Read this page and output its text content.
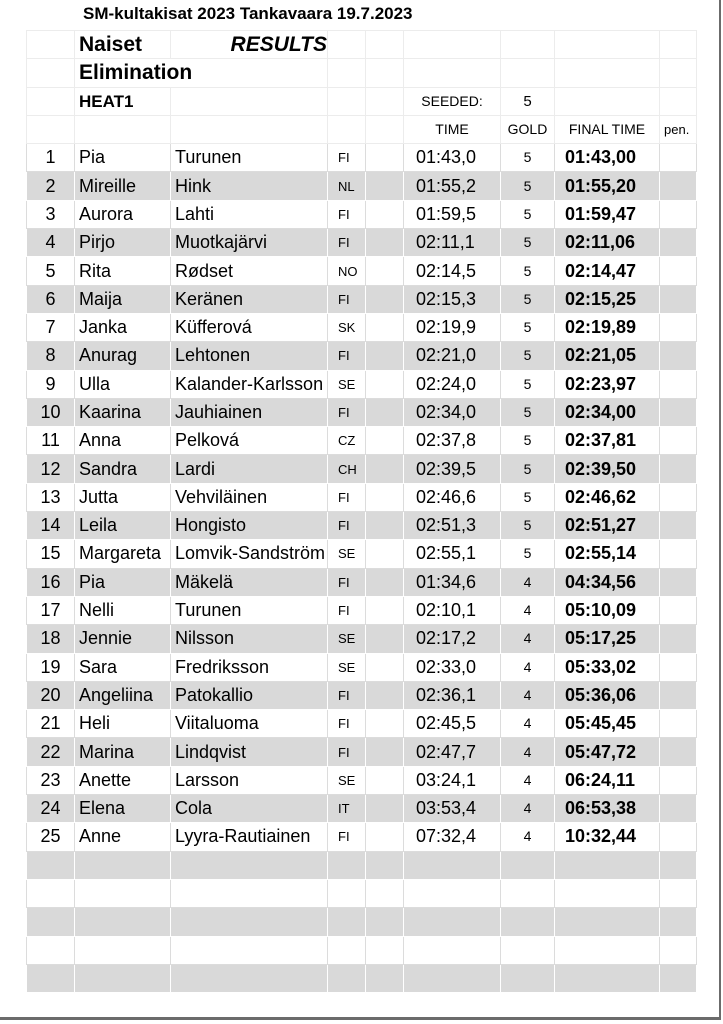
SM-kultakisat 2023 Tankavaara 19.7.2023
	Naiset	RESULTS						
	Elimination							
	HEAT1				SEEDED:	5		
					TIME	GOLD	FINAL TIME	pen.
1	Pia	Turunen	FI		01:43,0	5	01:43,00	
2	Mireille	Hink	NL		01:55,2	5	01:55,20	
3	Aurora	Lahti	FI		01:59,5	5	01:59,47	
4	Pirjo	Muotkajärvi	FI		02:11,1	5	02:11,06	
5	Rita	Rødset	NO		02:14,5	5	02:14,47	
6	Maija	Keränen	FI		02:15,3	5	02:15,25	
7	Janka	Küfferová	SK		02:19,9	5	02:19,89	
8	Anurag	Lehtonen	FI		02:21,0	5	02:21,05	
9	Ulla	Kalander-Karlsson	SE		02:24,0	5	02:23,97	
10	Kaarina	Jauhiainen	FI		02:34,0	5	02:34,00	
11	Anna	Pelková	CZ		02:37,8	5	02:37,81	
12	Sandra	Lardi	CH		02:39,5	5	02:39,50	
13	Jutta	Vehviläinen	FI		02:46,6	5	02:46,62	
14	Leila	Hongisto	FI		02:51,3	5	02:51,27	
15	Margareta	Lomvik-Sandström	SE		02:55,1	5	02:55,14	
16	Pia	Mäkelä	FI		01:34,6	4	04:34,56	
17	Nelli	Turunen	FI		02:10,1	4	05:10,09	
18	Jennie	Nilsson	SE		02:17,2	4	05:17,25	
19	Sara	Fredriksson	SE		02:33,0	4	05:33,02	
20	Angeliina	Patokallio	FI		02:36,1	4	05:36,06	
21	Heli	Viitaluoma	FI		02:45,5	4	05:45,45	
22	Marina	Lindqvist	FI		02:47,7	4	05:47,72	
23	Anette	Larsson	SE		03:24,1	4	06:24,11	
24	Elena	Cola	IT		03:53,4	4	06:53,38	
25	Anne	Lyyra-Rautiainen	FI		07:32,4	4	10:32,44	
